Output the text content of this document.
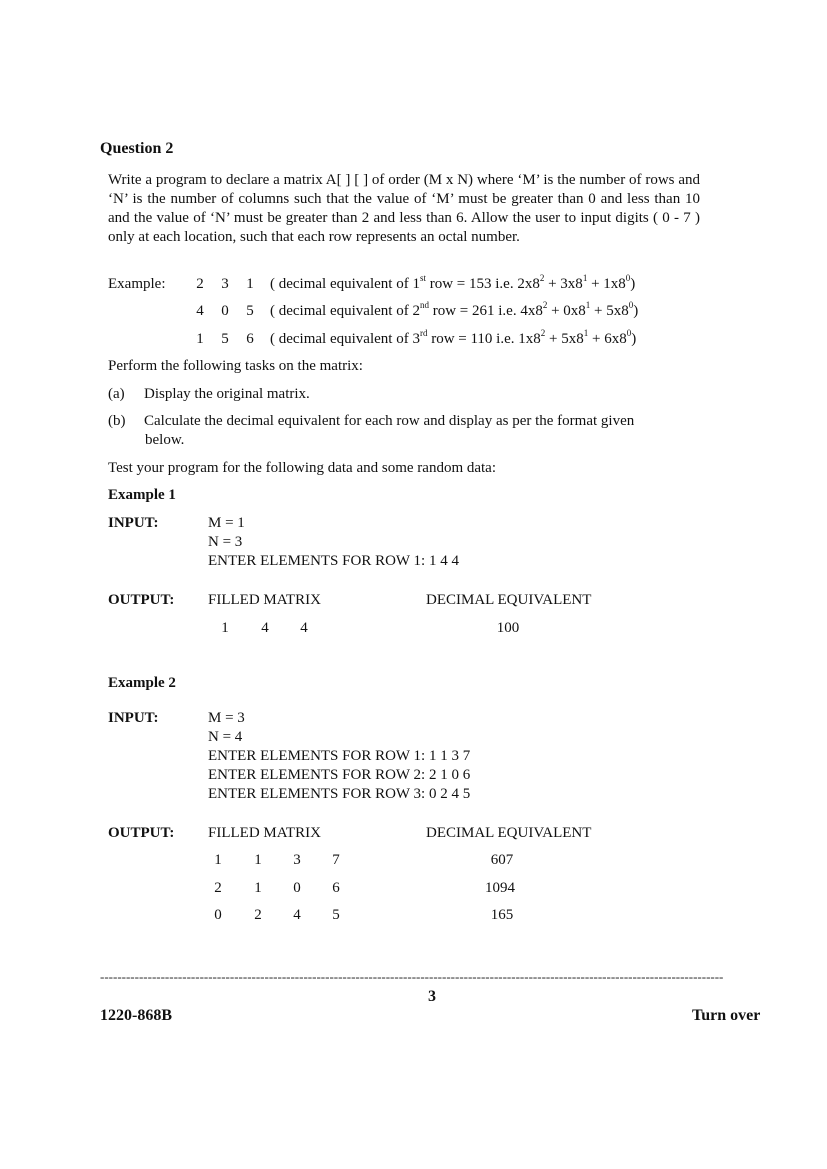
Question 2
Write a program to declare a matrix A[ ] [ ] of order (M x N) where ‘M’ is the number of rows and ‘N’ is the number of columns such that the value of ‘M’ must be greater than 0 and less than 10 and the value of ‘N’ must be greater than 2 and less than 6. Allow the user to input digits ( 0 - 7 ) only at each location, such that each row represents an octal number.
Example:	2	3	1	( decimal equivalent of 1st row = 153 i.e. $2x8^2 + 3x8^1 + 1x8^0$)
4	0	5	( decimal equivalent of 2nd row = 261 i.e. $4x8^2 + 0x8^1 + 5x8^0$)
1	5	6	( decimal equivalent of 3rd row = 110 i.e. $1x8^2 + 5x8^1 + 6x8^0$)
Perform the following tasks on the matrix:
(a) Display the original matrix.
(b) Calculate the decimal equivalent for each row and display as per the format given
below.
Test your program for the following data and some random data:
Example 1
INPUT:	M = 1
N = 3
ENTER ELEMENTS FOR ROW 1: 1 4 4
OUTPUT: FILLED MATRIX	DECIMAL EQUIVALENT
1	4	4	100
Example 2
INPUT:	M = 3
N = 4
ENTER ELEMENTS FOR ROW 1: 1 1 3 7
ENTER ELEMENTS FOR ROW 2: 2 1 0 6
ENTER ELEMENTS FOR ROW 3: 0 2 4 5
OUTPUT: FILLED MATRIX	DECIMAL EQUIVALENT
1	1	3	7	607
2	1	0	6	1094
0	2	4	5	165
------------------------------------------------------------------------------------------------------------------------------------------------
3
1220-868B	Turn over
